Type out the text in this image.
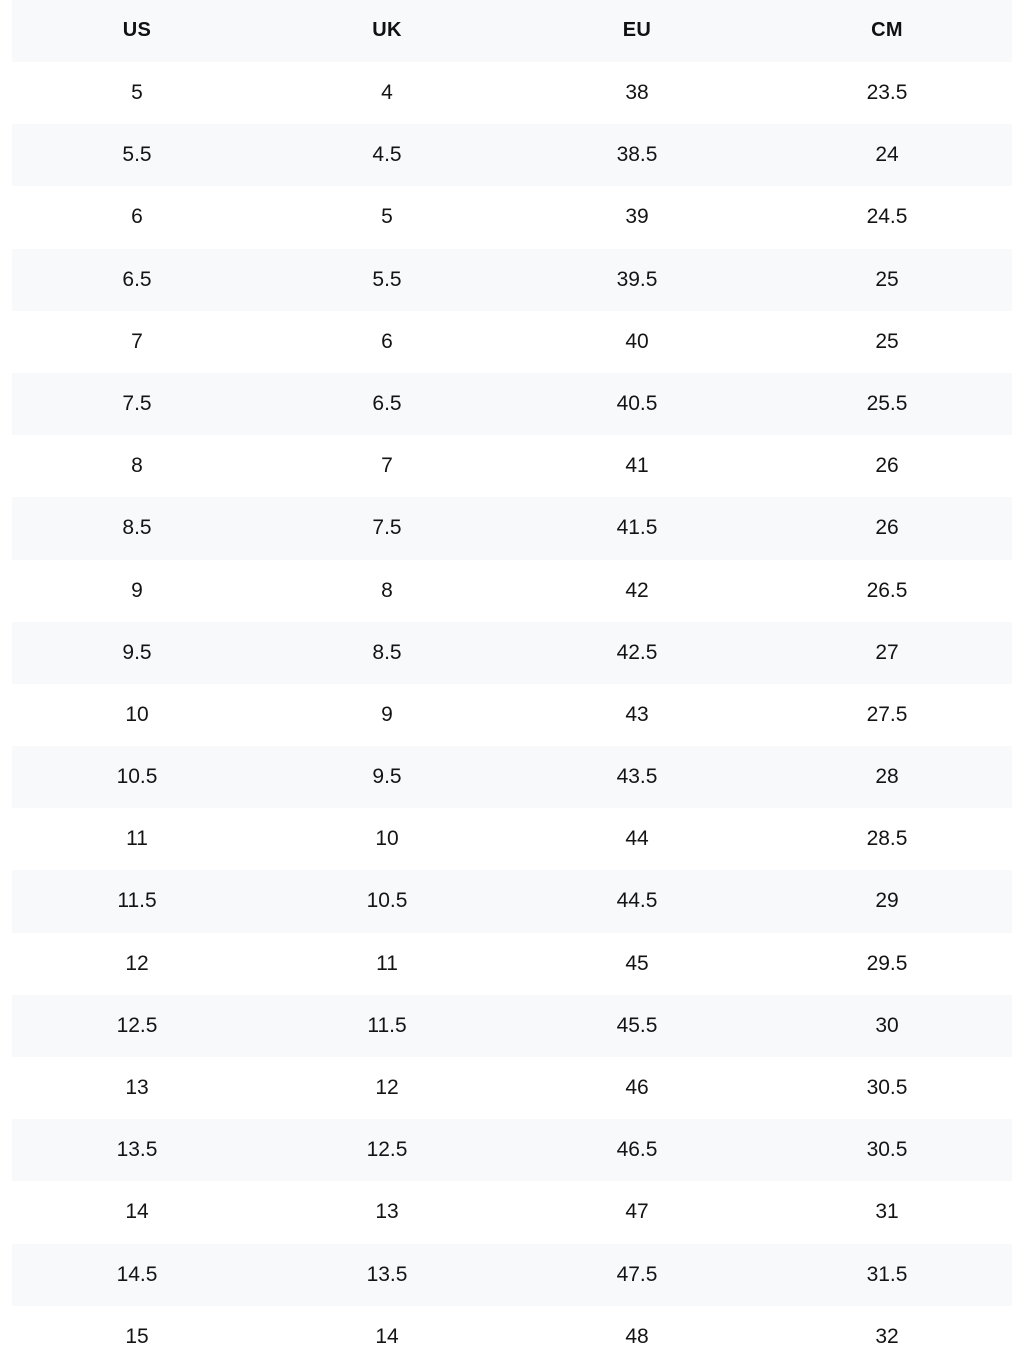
US	UK	EU	CM
5	4	38	23.5
5.5	4.5	38.5	24
6	5	39	24.5
6.5	5.5	39.5	25
7	6	40	25
7.5	6.5	40.5	25.5
8	7	41	26
8.5	7.5	41.5	26
9	8	42	26.5
9.5	8.5	42.5	27
10	9	43	27.5
10.5	9.5	43.5	28
11	10	44	28.5
11.5	10.5	44.5	29
12	11	45	29.5
12.5	11.5	45.5	30
13	12	46	30.5
13.5	12.5	46.5	30.5
14	13	47	31
14.5	13.5	47.5	31.5
15	14	48	32
